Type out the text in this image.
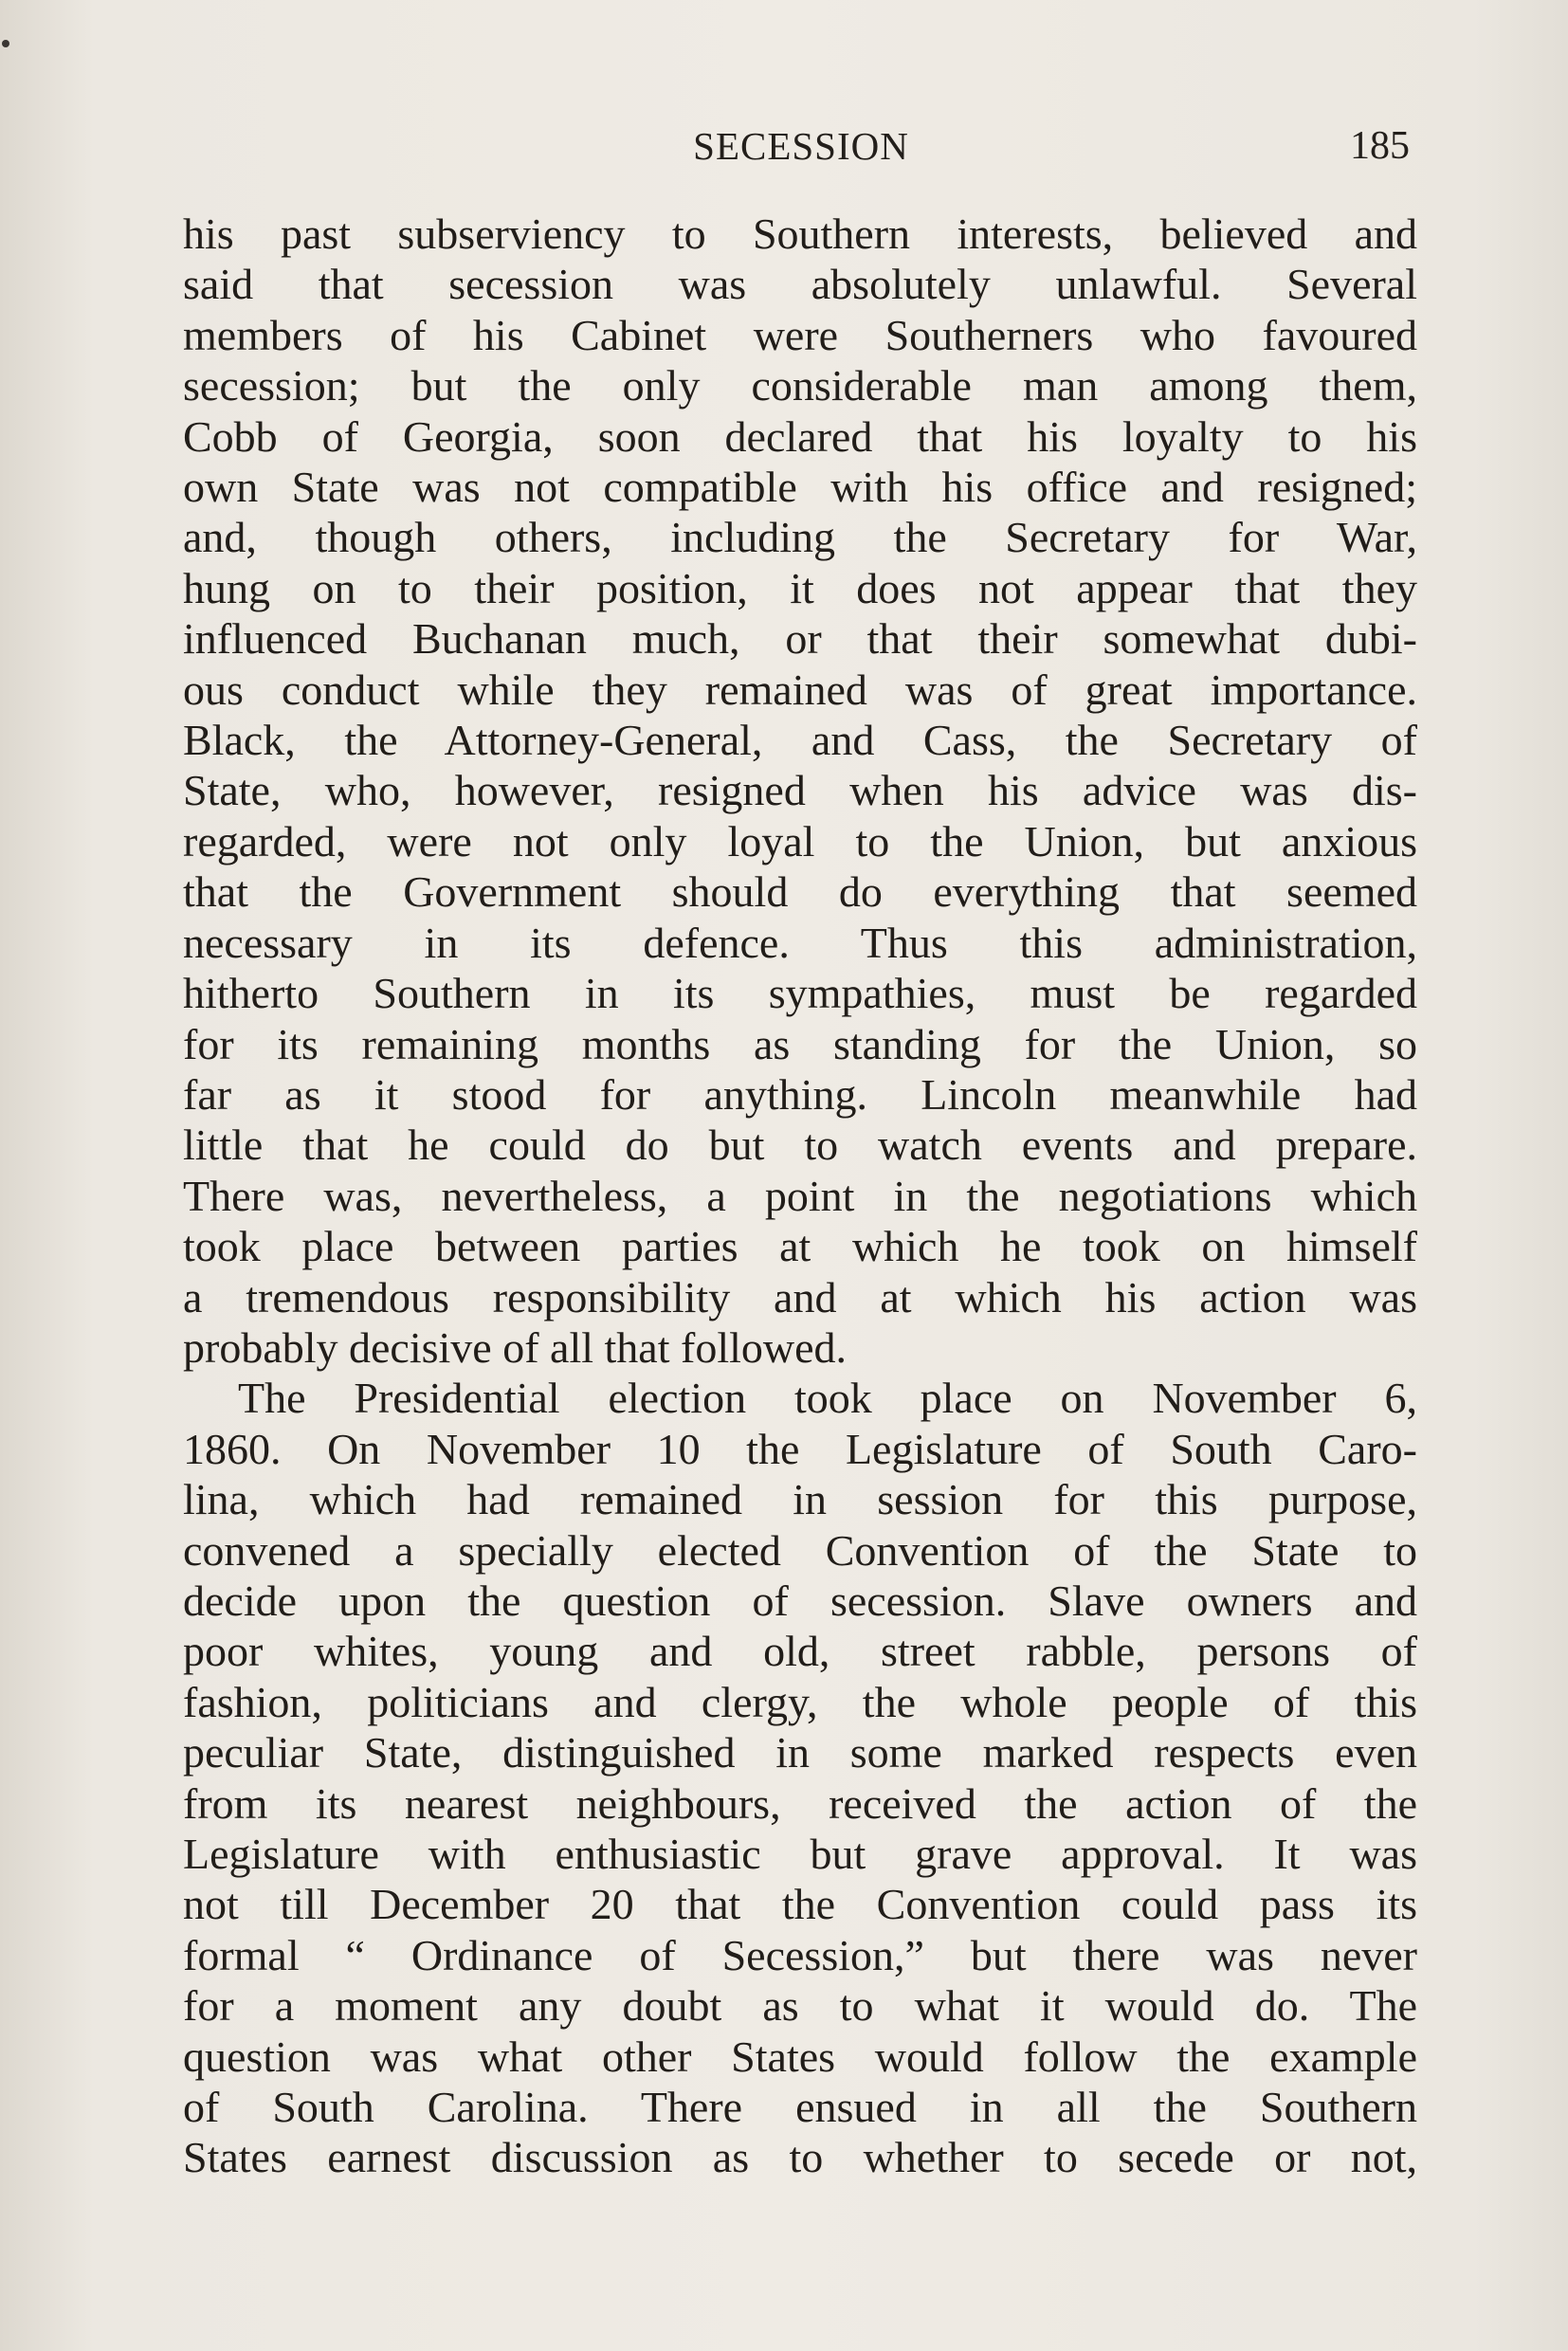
SECESSION	185
his past subserviency to Southern interests, believed and
said that secession was absolutely unlawful. Several
members of his Cabinet were Southerners who favoured
secession; but the only considerable man among them,
Cobb of Georgia, soon declared that his loyalty to his
own State was not compatible with his office and resigned;
and, though others, including the Secretary for War,
hung on to their position, it does not appear that they
influenced Buchanan much, or that their somewhat dubi-
ous conduct while they remained was of great importance.
Black, the Attorney-General, and Cass, the Secretary of
State, who, however, resigned when his advice was dis-
regarded, were not only loyal to the Union, but anxious
that the Government should do everything that seemed
necessary in its defence. Thus this administration,
hitherto Southern in its sympathies, must be regarded
for its remaining months as standing for the Union, so
far as it stood for anything. Lincoln meanwhile had
little that he could do but to watch events and prepare.
There was, nevertheless, a point in the negotiations which
took place between parties at which he took on himself
a tremendous responsibility and at which his action was
probably decisive of all that followed.
The Presidential election took place on November 6,
1860. On November 10 the Legislature of South Caro-
lina, which had remained in session for this purpose,
convened a specially elected Convention of the State to
decide upon the question of secession. Slave owners and
poor whites, young and old, street rabble, persons of
fashion, politicians and clergy, the whole people of this
peculiar State, distinguished in some marked respects even
from its nearest neighbours, received the action of the
Legislature with enthusiastic but grave approval. It was
not till December 20 that the Convention could pass its
formal “ Ordinance of Secession,” but there was never
for a moment any doubt as to what it would do. The
question was what other States would follow the example
of South Carolina. There ensued in all the Southern
States earnest discussion as to whether to secede or not,
